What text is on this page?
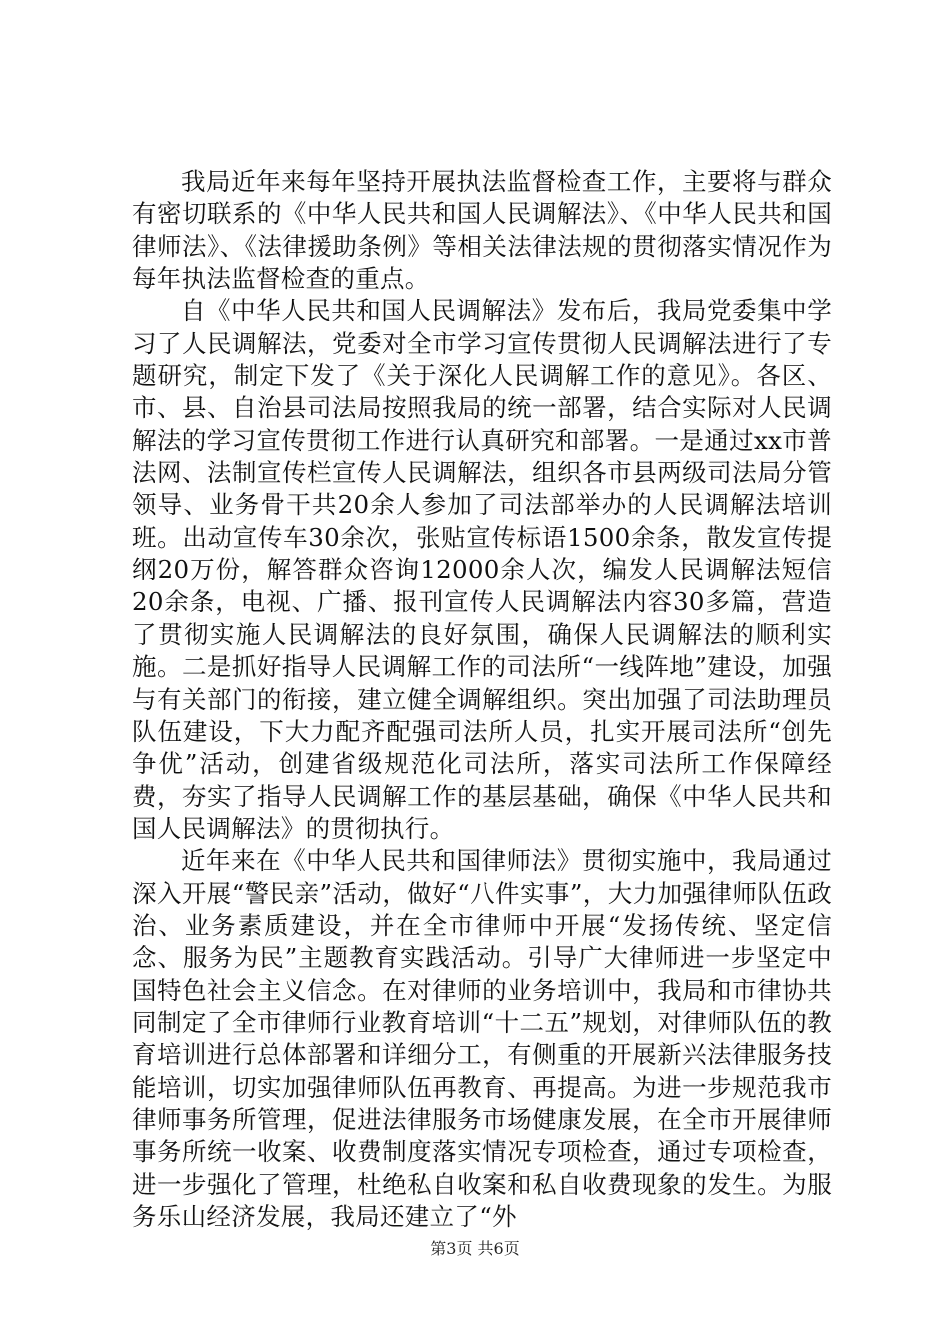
我局近年来每年坚持开展执法监督检查工作，主要将与群众有密切联系的《中华人民共和国人民调解法》、《中华人民共和国律师法》、《法律援助条例》等相关法律法规的贯彻落实情况作为每年执法监督检查的重点。

自《中华人民共和国人民调解法》发布后，我局党委集中学习了人民调解法，党委对全市学习宣传贯彻人民调解法进行了专题研究，制定下发了《关于深化人民调解工作的意见》。各区、市、县、自治县司法局按照我局的统一部署，结合实际对人民调解法的学习宣传贯彻工作进行认真研究和部署。一是通过xx市普法网、法制宣传栏宣传人民调解法，组织各市县两级司法局分管领导、业务骨干共20余人参加了司法部举办的人民调解法培训班。出动宣传车30余次，张贴宣传标语1500余条，散发宣传提纲20万份，解答群众咨询12000余人次，编发人民调解法短信20余条，电视、广播、报刊宣传人民调解法内容30多篇，营造了贯彻实施人民调解法的良好氛围，确保人民调解法的顺利实施。二是抓好指导人民调解工作的司法所“一线阵地”建设，加强与有关部门的衔接，建立健全调解组织。突出加强了司法助理员队伍建设，下大力配齐配强司法所人员，扎实开展司法所“创先争优”活动，创建省级规范化司法所，落实司法所工作保障经费，夯实了指导人民调解工作的基层基础，确保《中华人民共和国人民调解法》的贯彻执行。

近年来在《中华人民共和国律师法》贯彻实施中，我局通过深入开展“警民亲”活动，做好“八件实事”，大力加强律师队伍政治、业务素质建设，并在全市律师中开展“发扬传统、坚定信念、服务为民”主题教育实践活动。引导广大律师进一步坚定中国特色社会主义信念。在对律师的业务培训中，我局和市律协共同制定了全市律师行业教育培训“十二五”规划，对律师队伍的教育培训进行总体部署和详细分工，有侧重的开展新兴法律服务技能培训，切实加强律师队伍再教育、再提高。为进一步规范我市律师事务所管理，促进法律服务市场健康发展，在全市开展律师事务所统一收案、收费制度落实情况专项检查，通过专项检查，进一步强化了管理，杜绝私自收案和私自收费现象的发生。为服务乐山经济发展，我局还建立了“外

第3页 共6页
